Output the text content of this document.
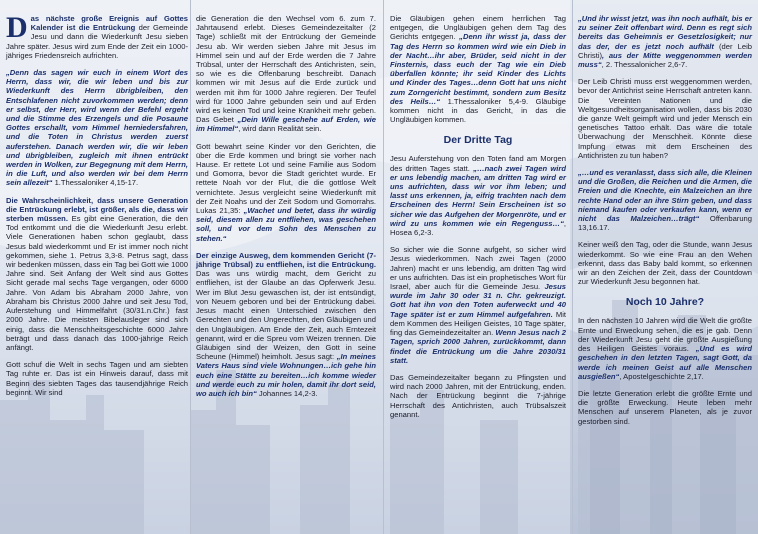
Das nächste große Ereignis auf Gottes Kalender ist die Entrückung der Gemeinde Jesu und dann die Wiederkunft Jesu sieben Jahre später. Jesus wird zum Ende der Zeit ein 1000-jähriges Friedensreich aufrichten.

„Denn das sagen wir euch in einem Wort des Herrn, dass wir, die wir leben und bis zur Wiederkunft des Herrn übrigbleiben, den Entschlafenen nicht zuvorkommen werden; denn er selbst, der Herr, wird wenn der Befehl ergeht und die Stimme des Erzengels und die Posaune Gottes erschallt, vom Himmel herniedersfahren, und die Toten in Christus werden zuerst auferstehen. Danach werden wir, die wir leben und übrigbleiben, zugleich mit ihnen entrückt werden in Wolken, zur Begegnung mit dem Herrn, in die Luft, und also werden wir bei dem Herrn sein allezeit“ 1.Thessaloniker 4,15-17.

Die Wahrscheinlichkeit, dass unsere Generation die Entrückung erlebt, ist größer, als die, dass wir sterben müssen. Es gibt eine Generation, die den Tod entkommt und die die Wiederkunft Jesu erlebt. Viele Generationen haben schon geglaubt, dass Jesus bald wiederkommt und Er ist immer noch nicht gekommen, siehe 1. Petrus 3,3-8. Petrus sagt, dass wir bedenken müssen, dass ein Tag bei Gott wie 1000 Jahre sind. Seit Anfang der Welt sind aus Gottes Sicht gerade mal sechs Tage vergangen, oder 6000 Jahre. Von Adam bis Abraham 2000 Jahre, von Abraham bis Christus 2000 Jahre und seit Jesu Tod, Auferstehung und Himmelfahrt (30/31.n.Chr.) fast 2000 Jahre. Die meisten Bibelausleger sind sich einig, dass die Menschheitsgeschichte 6000 Jahre beträgt und dass danach das 1000-jährige Reich anfängt.

Gott schuf die Welt in sechs Tagen und am siebten Tag ruhte er. Das ist ein Hinweis darauf, dass mit Beginn des siebten Tages das tausendjährige Reich beginnt. Wir sind

die Generation die den Wechsel vom 6. zum 7. Jahrtausend erlebt. Dieses Gemeindezeitalter (2 Tage) schließt mit der Entrückung der Gemeinde Jesu ab. Wir werden sieben Jahre mit Jesus im Himmel sein und auf der Erde werden die 7 Jahre Trübsal, unter der Herrschaft des Antichristen, sein, so wie es die Offenbarung beschreibt. Danach kommen wir mit Jesus auf die Erde zurück und werden mit ihm für 1000 Jahre regieren. Der Teufel wird für 1000 Jahre gebunden sein und auf Erden wird es keinen Tod und keine Krankheit mehr geben. Das Gebet „Dein Wille geschehe auf Erden, wie im Himmel“, wird dann Realität sein.

Gott bewahrt seine Kinder vor den Gerichten, die über die Erde kommen und bringt sie vorher nach Hause. Er rettete Lot und seine Familie aus Sodom und Gomorra, bevor die Stadt gerichtet wurde. Er rettete Noah vor der Flut, die die gottlose Welt vernichtete. Jesus vergleicht seine Wiederkunft mit der Zeit Noahs und der Zeit Sodom und Gomorrahs. Lukas 21,35: „Wachet und betet, dass ihr würdig seid, diesem allen zu entfliehen, was geschehen soll, und vor dem Sohn des Menschen zu stehen.“

Der einzige Ausweg, dem kommenden Gericht (7-jährige Trübsal) zu entfliehen, ist die Entrückung. Das was uns würdig macht, dem Gericht zu entfliehen, ist der Glaube an das Opferwerk Jesu. Wer im Blut Jesu gewaschen ist, der ist entsündigt, von Neuem geboren und bei der Entrückung dabei. Jesus macht einen Unterschied zwischen den Gerechten und den Ungerechten, den Gläubigen und den Ungläubigen. Am Ende der Zeit, auch Erntezeit genannt, wird er die Spreu vom Weizen trennen. Die Gläubigen sind der Weizen, den Gott in seine Scheune (Himmel) heimholt. Jesus sagt: „In meines Vaters Haus sind viele Wohnungen…ich gehe hin euch eine Stätte zu bereiten…ich komme wieder und werde euch zu mir holen, damit ihr dort seid, wo auch ich bin“ Johannes 14,2-3.

Die Gläubigen gehen einem herrlichen Tag entgegen, die Ungläubigen gehen dem Tag des Gerichts entgegen. „Denn ihr wisst ja, dass der Tag des Herrn so kommen wird wie ein Dieb in der Nacht…ihr aber, Brüder, seid nicht in der Finsternis, dass euch der Tag wie ein Dieb überfallen könnte; ihr seid Kinder des Lichts und Kinder des Tages…denn Gott hat uns nicht zum Zorngericht bestimmt, sondern zum Besitz des Heils…“ 1.Thessaloniker 5,4-9. Gläubige kommen nicht in das Gericht, in das die Ungläubigen kommen.

Der Dritte Tag

Jesu Auferstehung von den Toten fand am Morgen des dritten Tages statt. „…nach zwei Tagen wird er uns lebendig machen, am dritten Tag wird er uns aufrichten, dass wir vor ihm leben; und lasst uns erkennen, ja, eifrig trachten nach dem Erscheinen des Herrn! Sein Erscheinen ist so sicher wie das Aufgehen der Morgenröte, und er wird zu uns kommen wie ein Regenguss…“, Hosea 6,2-3.

So sicher wie die Sonne aufgeht, so sicher wird Jesus wiederkommen. Nach zwei Tagen (2000 Jahren) macht er uns lebendig, am dritten Tag wird er uns aufrichten. Das ist ein prophetisches Wort für Israel, aber auch für die Gemeinde Jesu. Jesus wurde im Jahr 30 oder 31 n. Chr. gekreuzigt. Gott hat ihn von den Toten auferweckt und 40 Tage später ist er zum Himmel aufgefahren. Mit dem Kommen des Heiligen Geistes, 10 Tage später, fing das Gemeindezeitalter an. Wenn Jesus nach 2 Tagen, sprich 2000 Jahren, zurückkommt, dann findet die Entrückung um die Jahre 2030/31 statt.

Das Gemeindezeitalter begann zu Pfingsten und wird nach 2000 Jahren, mit der Entrückung, enden. Nach der Entrückung beginnt die 7-jährige Herrschaft des Antichristen, auch Trübsalszeit genannt.

„Und ihr wisst jetzt, was ihn noch aufhält, bis er zu seiner Zeit offenbart wird. Denn es regt sich bereits das Geheimnis er Gesetzlosigkeit; nur das der, der es jetzt noch aufhält (der Leib Christi), aus der Mitte weggenommen werden muss“, 2. Thessalonicher 2,6-7.

Der Leib Christi muss erst weggenommen werden, bevor der Antichrist seine Herrschaft antreten kann. Die Vereinten Nationen und die Weltgesundheitsorganisation wollen, dass bis 2030 die ganze Welt geimpft wird und jeder Mensch ein genetisches Tattoo erhält. Das wäre die totale Überwachung der Menschheit. Könnte diese Impfung etwas mit dem Erscheinen des Antichristen zu tun haben?

„…und es veranlasst, dass sich alle, die Kleinen und die Großen, die Reichen und die Armen, die Freien und die Knechte, ein Malzeichen an ihre rechte Hand oder an ihre Stirn geben, und dass niemand kaufen oder verkaufen kann, wenn er nicht das Malzeichen…trägt“ Offenbarung 13,16.17.

Keiner weiß den Tag, oder die Stunde, wann Jesus wiederkommt. So wie eine Frau an den Wehen erkennt, dass das Baby bald kommt, so erkennen wir an den Zeichen der Zeit, dass der Countdown zur Wiederkunft Jesu begonnen hat.

Noch 10 Jahre?

In den nächsten 10 Jahren wird die Welt die größte Ernte und Erweckung sehen, die es je gab. Denn der Wiederkunft Jesu geht die größte Ausgießung des Heiligen Geistes voraus. „Und es wird geschehen in den letzten Tagen, sagt Gott, da werde ich meinen Geist auf alle Menschen ausgießen“, Apostelgeschichte 2,17.

Die letzte Generation erlebt die größte Ernte und die größte Erweckung. Heute leben mehr Menschen auf unserem Planeten, als je zuvor gestorben sind.
